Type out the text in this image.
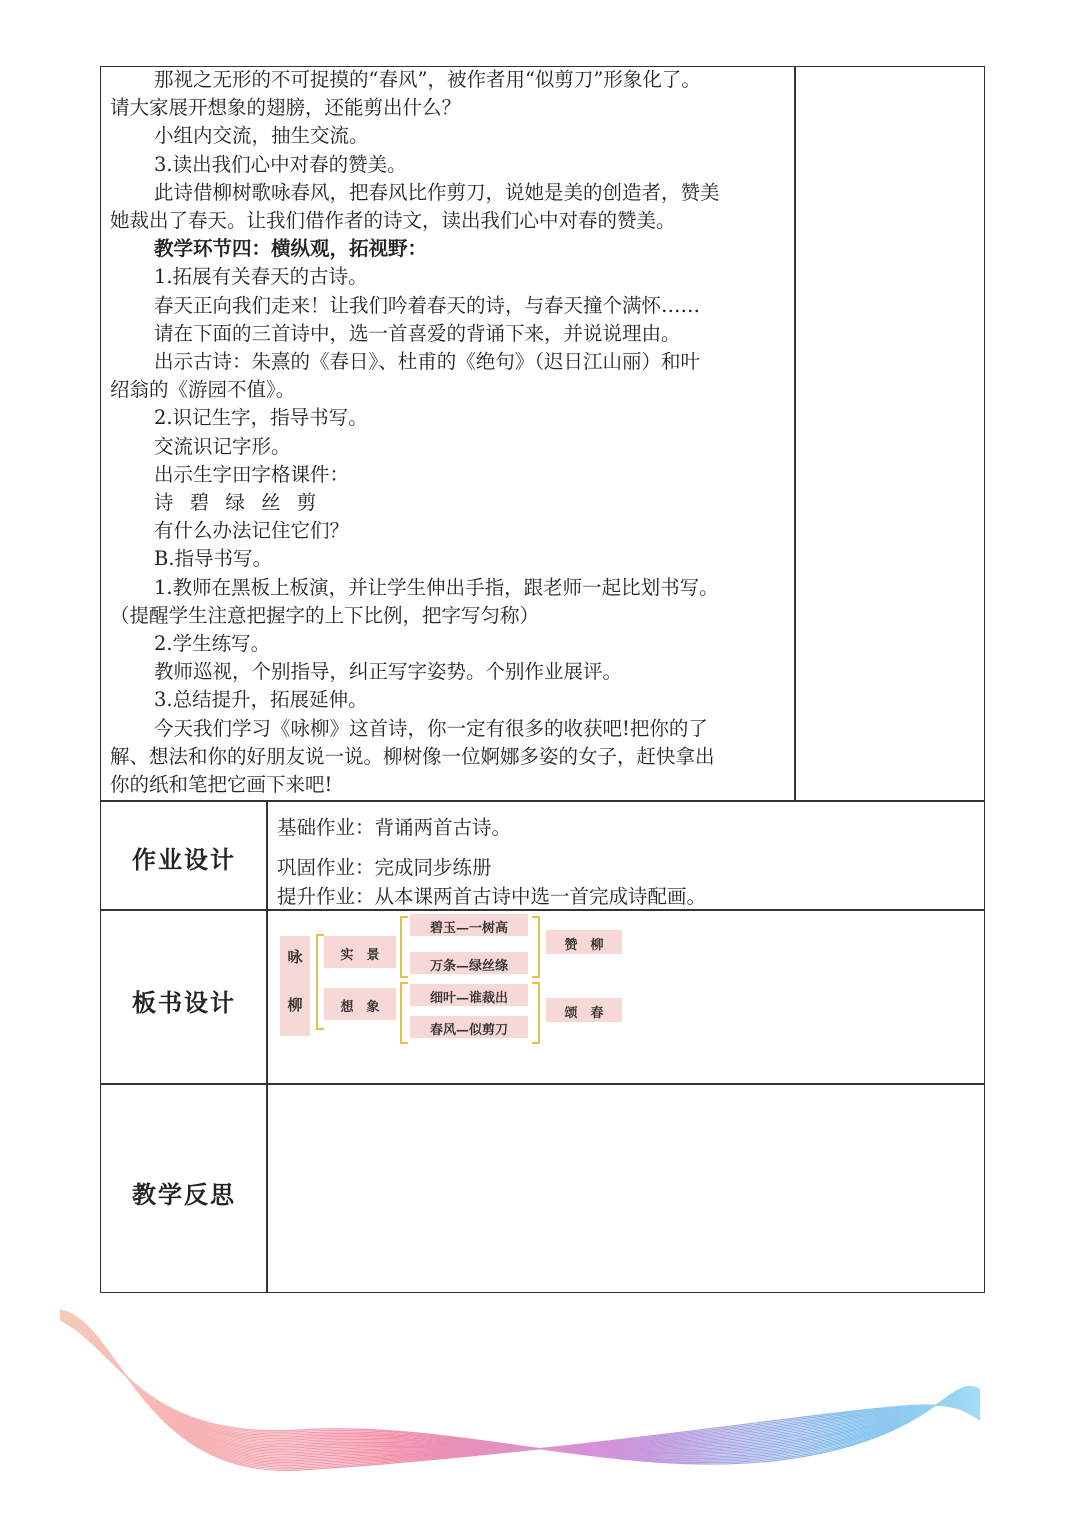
那视之无形的不可捉摸的“春风”，被作者用“似剪刀”形象化了。

请大家展开想象的翅膀，还能剪出什么？

小组内交流，抽生交流。

3.读出我们心中对春的赞美。

此诗借柳树歌咏春风，把春风比作剪刀，说她是美的创造者，赞美

她裁出了春天。让我们借作者的诗文，读出我们心中对春的赞美。

教学环节四：横纵观，拓视野：

1.拓展有关春天的古诗。

春天正向我们走来！让我们吟着春天的诗，与春天撞个满怀……

请在下面的三首诗中，选一首喜爱的背诵下来，并说说理由。

出示古诗：朱熹的《春日》、杜甫的《绝句》（迟日江山丽）和叶

绍翁的《游园不值》。

2.识记生字，指导书写。

交流识记字形。

出示生字田字格课件：

诗 碧 绿 丝 剪

有什么办法记住它们？

B.指导书写。

1.教师在黑板上板演，并让学生伸出手指，跟老师一起比划书写。

（提醒学生注意把握字的上下比例，把字写匀称）

2.学生练写。

教师巡视，个别指导，纠正写字姿势。个别作业展评。

3.总结提升，拓展延伸。

今天我们学习《咏柳》这首诗，你一定有很多的收获吧!把你的了

解、想法和你的好朋友说一说。柳树像一位婀娜多姿的女子，赶快拿出

你的纸和笔把它画下来吧!

作业设计
基础作业：背诵两首古诗。
巩固作业：完成同步练册
提升作业：从本课两首古诗中选一首完成诗配画。
板书设计
咏
柳
实　景
想　象
碧玉—一树高
万条—绿丝绦
细叶—谁裁出
春风—似剪刀
赞　柳
颂　春
教学反思
